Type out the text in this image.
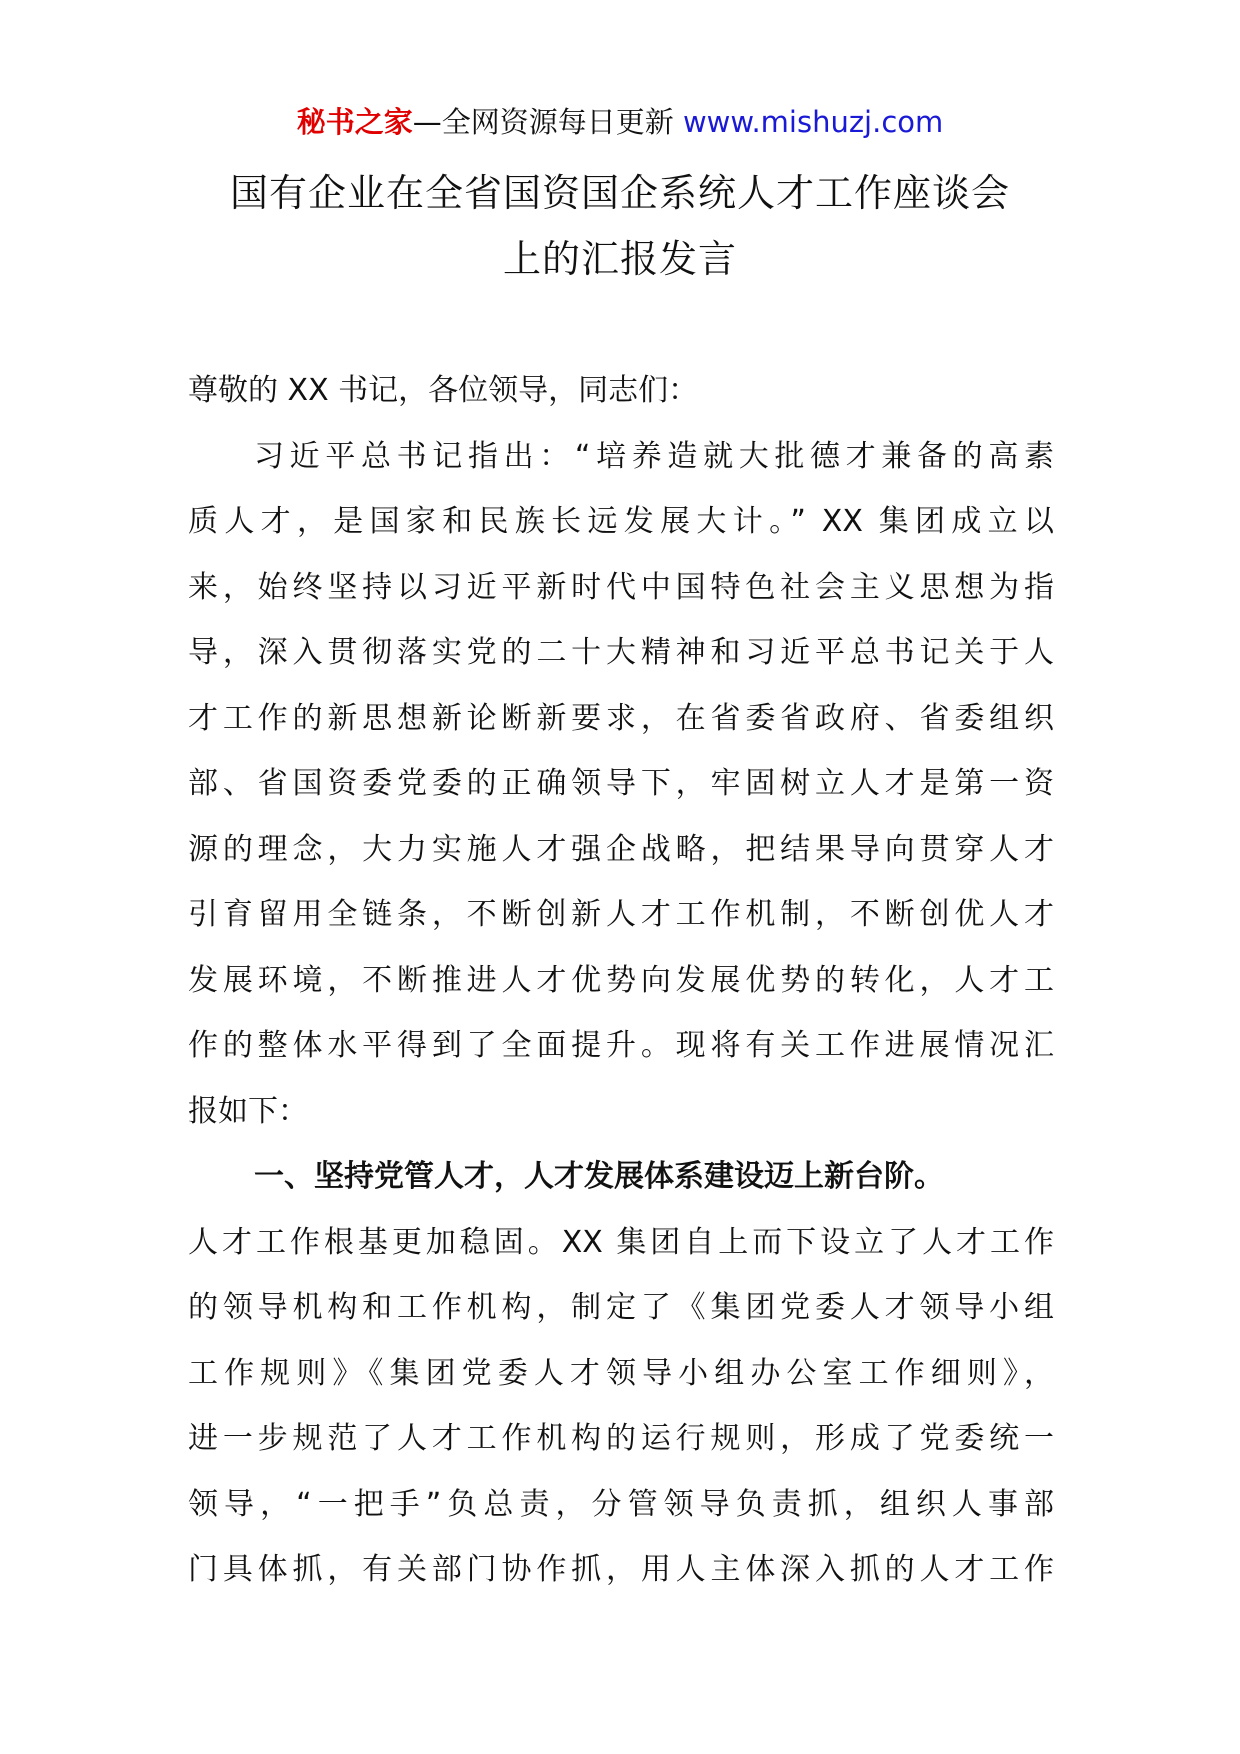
秘书之家—全网资源每日更新 www.mishuzj.com
国有企业在全省国资国企系统人才工作座谈会
上的汇报发言
尊敬的 XX 书记，各位领导，同志们：
习近平总书记指出：“培养造就大批德才兼备的高素
质人才，是国家和民族长远发展大计。” XX 集团成立以
来，始终坚持以习近平新时代中国特色社会主义思想为指
导，深入贯彻落实党的二十大精神和习近平总书记关于人
才工作的新思想新论断新要求，在省委省政府、省委组织
部、省国资委党委的正确领导下，牢固树立人才是第一资
源的理念，大力实施人才强企战略，把结果导向贯穿人才
引育留用全链条，不断创新人才工作机制，不断创优人才
发展环境，不断推进人才优势向发展优势的转化，人才工
作的整体水平得到了全面提升。现将有关工作进展情况汇
报如下：
一、坚持党管人才，人才发展体系建设迈上新台阶。
人才工作根基更加稳固。XX 集团自上而下设立了人才工作
的领导机构和工作机构，制定了《集团党委人才领导小组
工作规则》《集团党委人才领导小组办公室工作细则》，
进一步规范了人才工作机构的运行规则，形成了党委统一
领导，“一把手”负总责，分管领导负责抓，组织人事部
门具体抓，有关部门协作抓，用人主体深入抓的人才工作
